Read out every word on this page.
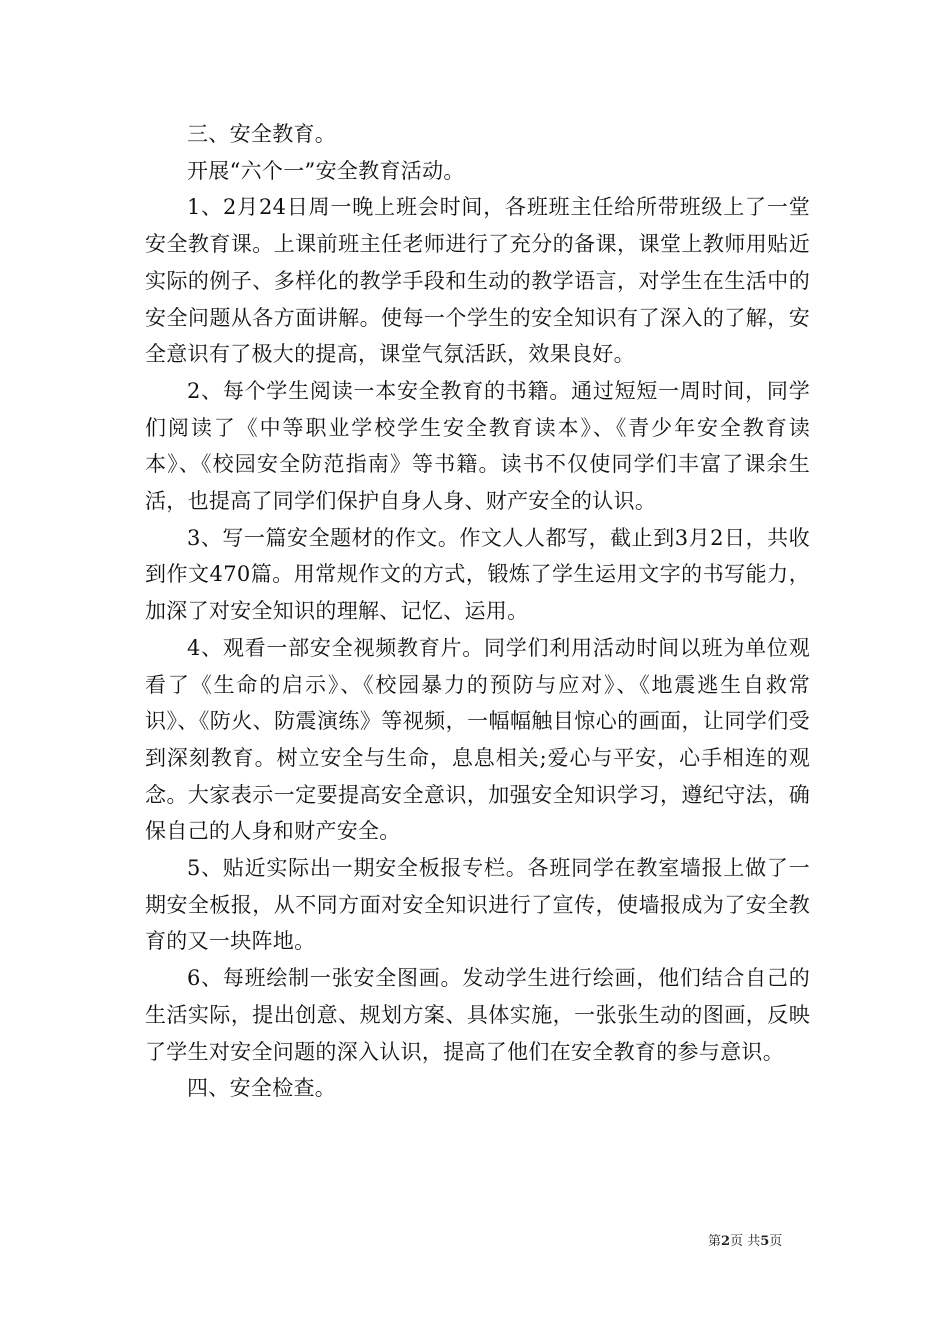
三、安全教育。

开展“六个一”安全教育活动。

1、2月24日周一晚上班会时间，各班班主任给所带班级上了一堂安全教育课。上课前班主任老师进行了充分的备课，课堂上教师用贴近实际的例子、多样化的教学手段和生动的教学语言，对学生在生活中的安全问题从各方面讲解。使每一个学生的安全知识有了深入的了解，安全意识有了极大的提高，课堂气氛活跃，效果良好。

2、每个学生阅读一本安全教育的书籍。通过短短一周时间，同学们阅读了《中等职业学校学生安全教育读本》、《青少年安全教育读本》、《校园安全防范指南》等书籍。读书不仅使同学们丰富了课余生活，也提高了同学们保护自身人身、财产安全的认识。

3、写一篇安全题材的作文。作文人人都写，截止到3月2日，共收到作文470篇。用常规作文的方式，锻炼了学生运用文字的书写能力，加深了对安全知识的理解、记忆、运用。

4、观看一部安全视频教育片。同学们利用活动时间以班为单位观看了《生命的启示》、《校园暴力的预防与应对》、《地震逃生自救常识》、《防火、防震演练》等视频，一幅幅触目惊心的画面，让同学们受到深刻教育。树立安全与生命，息息相关;爱心与平安，心手相连的观念。大家表示一定要提高安全意识，加强安全知识学习，遵纪守法，确保自己的人身和财产安全。

5、贴近实际出一期安全板报专栏。各班同学在教室墙报上做了一期安全板报，从不同方面对安全知识进行了宣传，使墙报成为了安全教育的又一块阵地。

6、每班绘制一张安全图画。发动学生进行绘画，他们结合自己的生活实际，提出创意、规划方案、具体实施，一张张生动的图画，反映了学生对安全问题的深入认识，提高了他们在安全教育的参与意识。

四、安全检查。

第2页 共5页
